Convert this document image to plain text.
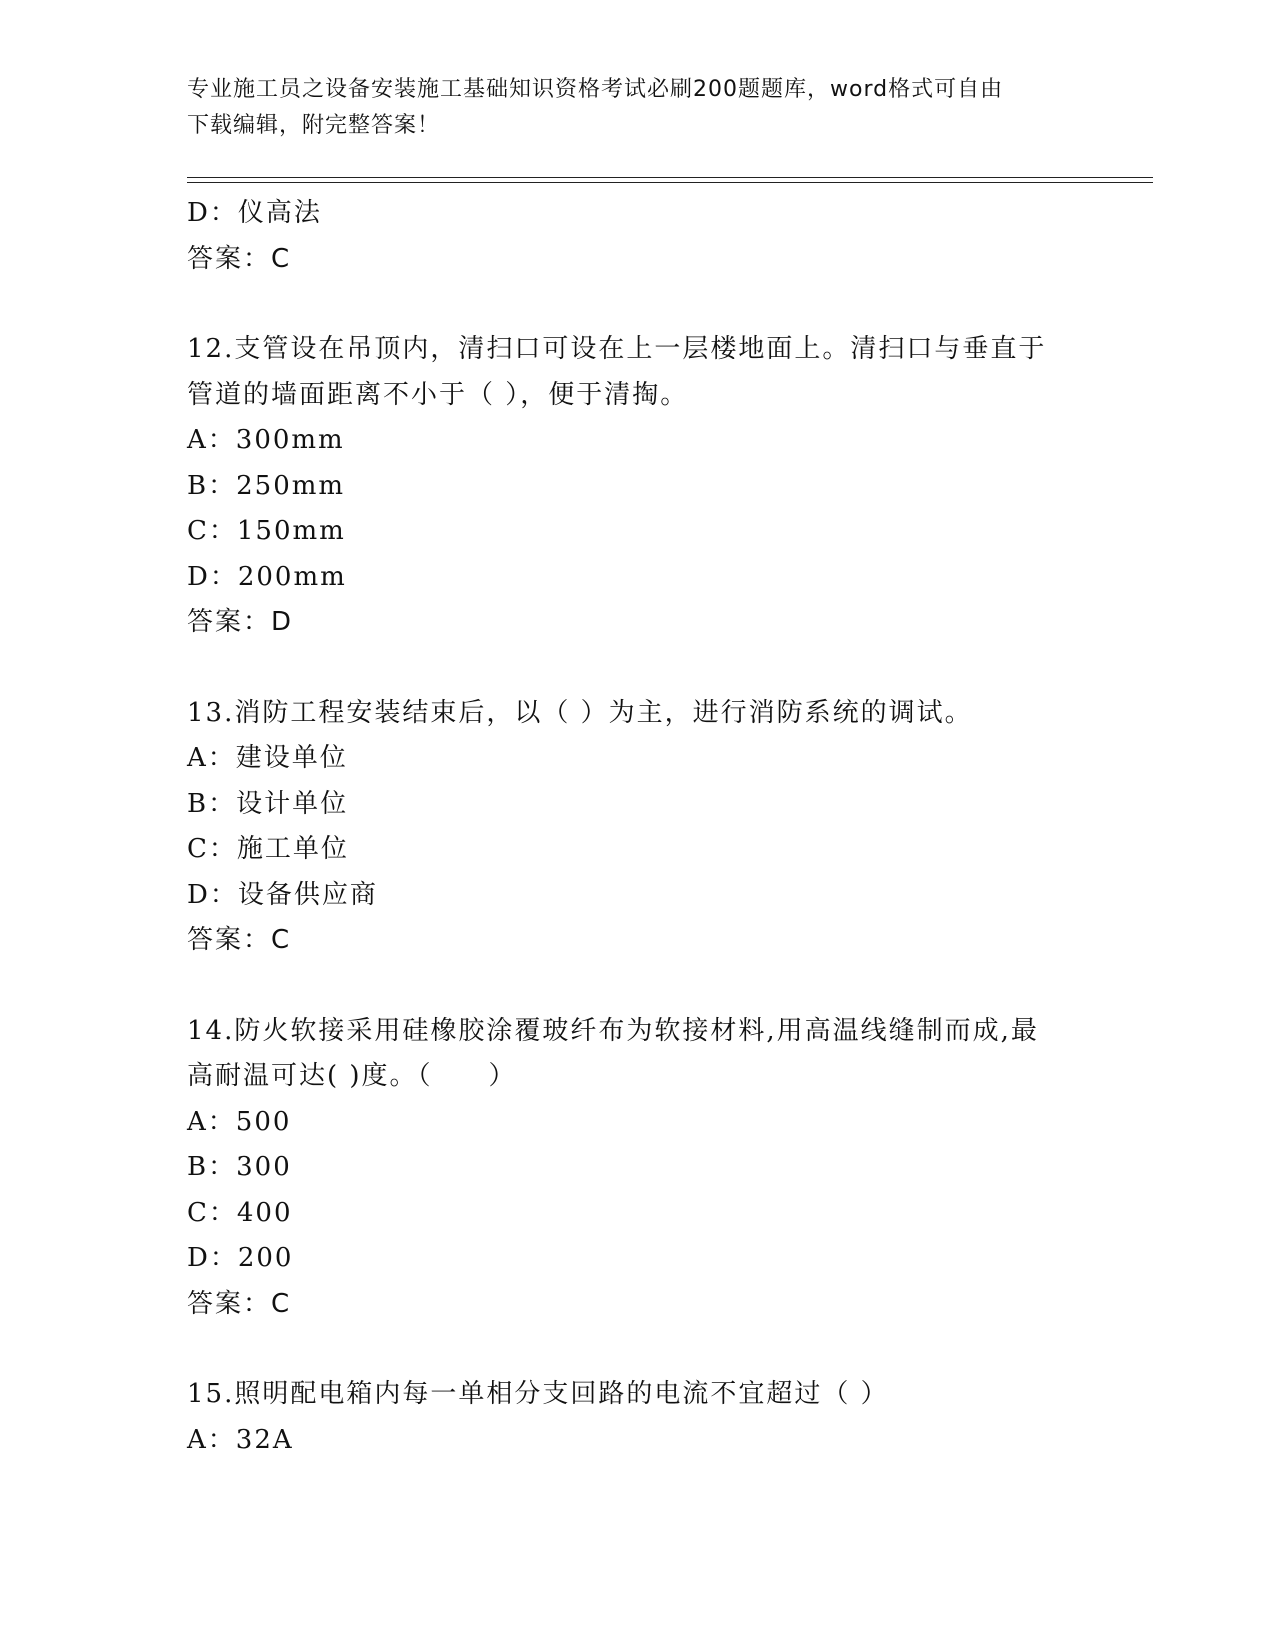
专业施工员之设备安装施工基础知识资格考试必刷200题题库，word格式可自由
下载编辑，附完整答案！
D：仪高法
答案：C
12.支管设在吊顶内，清扫口可设在上一层楼地面上。清扫口与垂直于
管道的墙面距离不小于（ ），便于清掏。
A：300mm
B：250mm
C：150mm
D：200mm
答案：D
13.消防工程安装结束后，以（ ）为主，进行消防系统的调试。
A：建设单位
B：设计单位
C：施工单位
D：设备供应商
答案：C
14.防火软接采用硅橡胶涂覆玻纤布为软接材料,用高温线缝制而成,最
高耐温可达( )度。（　　）
A：500
B：300
C：400
D：200
答案：C
15.照明配电箱内每一单相分支回路的电流不宜超过（ ）
A：32A
